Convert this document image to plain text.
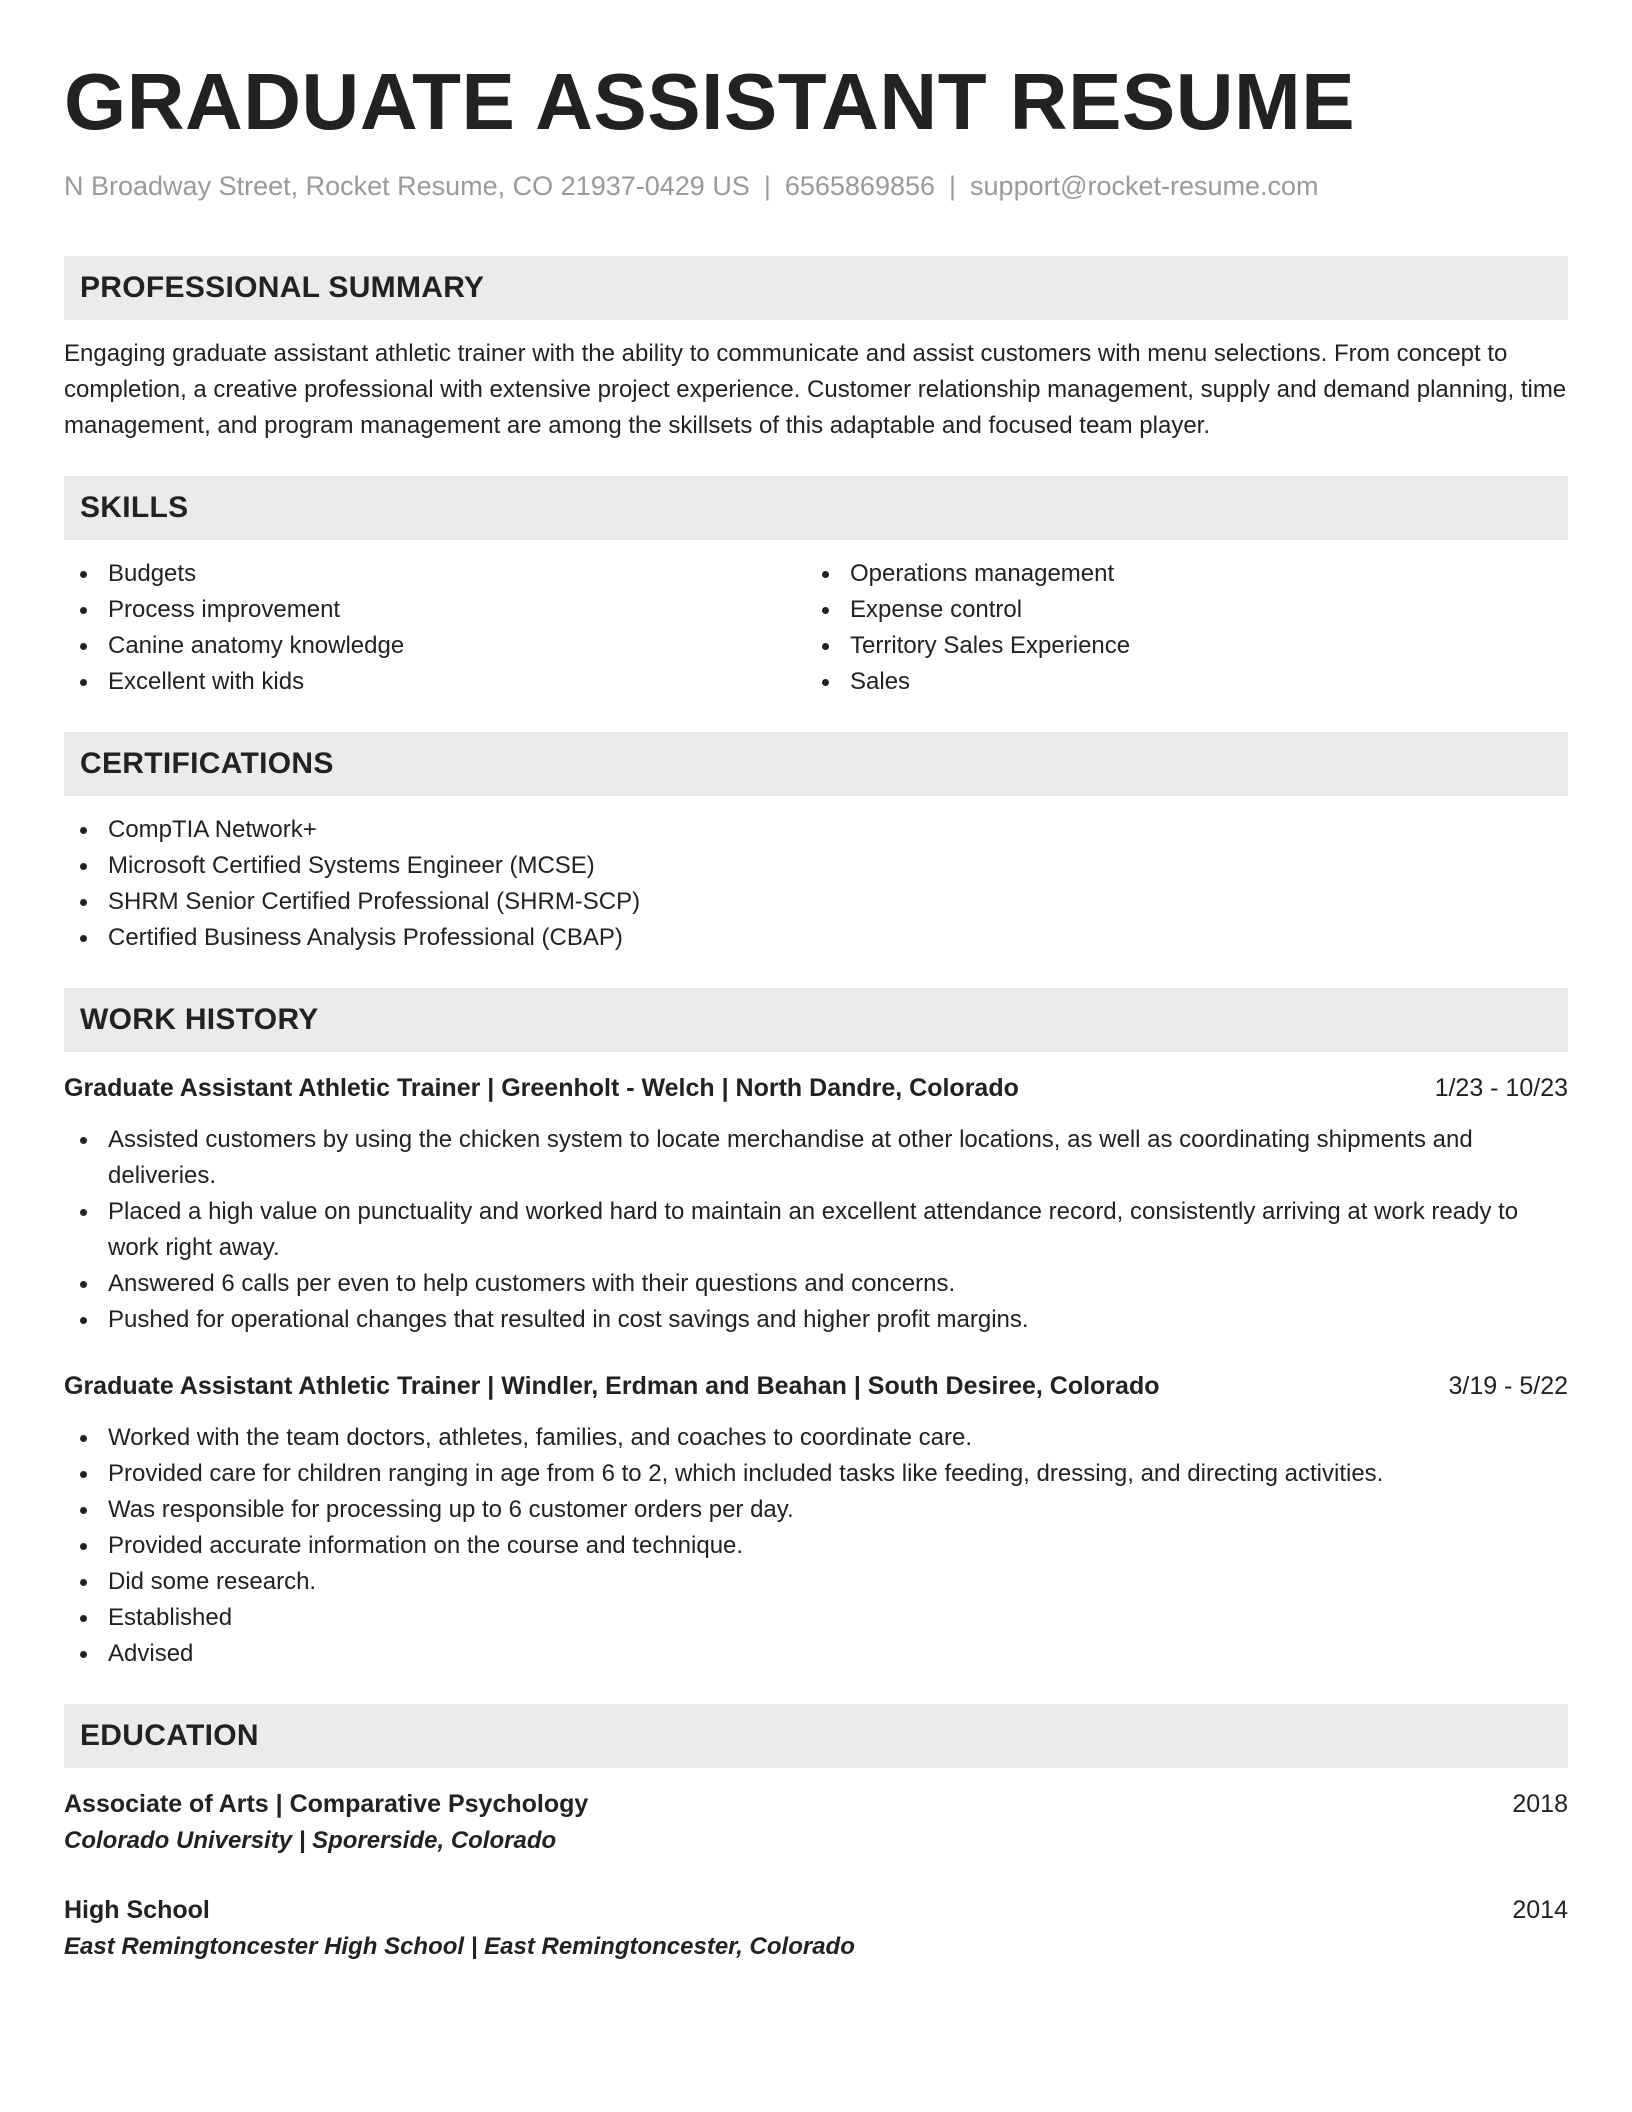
GRADUATE ASSISTANT RESUME
N Broadway Street, Rocket Resume, CO 21937-0429 US | 6565869856 | support@rocket-resume.com
PROFESSIONAL SUMMARY

Engaging graduate assistant athletic trainer with the ability to communicate and assist customers with menu selections. From concept to completion, a creative professional with extensive project experience. Customer relationship management, supply and demand planning, time management, and program management are among the skillsets of this adaptable and focused team player.

SKILLS
Budgets
Process improvement
Canine anatomy knowledge
Excellent with kids
Operations management
Expense control
Territory Sales Experience
Sales
CERTIFICATIONS
CompTIA Network+
Microsoft Certified Systems Engineer (MCSE)
SHRM Senior Certified Professional (SHRM-SCP)
Certified Business Analysis Professional (CBAP)
WORK HISTORY
Graduate Assistant Athletic Trainer | Greenholt - Welch | North Dandre, Colorado	1/23 - 10/23
Assisted customers by using the chicken system to locate merchandise at other locations, as well as coordinating shipments and deliveries.
Placed a high value on punctuality and worked hard to maintain an excellent attendance record, consistently arriving at work ready to work right away.
Answered 6 calls per even to help customers with their questions and concerns.
Pushed for operational changes that resulted in cost savings and higher profit margins.
Graduate Assistant Athletic Trainer | Windler, Erdman and Beahan | South Desiree, Colorado	3/19 - 5/22
Worked with the team doctors, athletes, families, and coaches to coordinate care.
Provided care for children ranging in age from 6 to 2, which included tasks like feeding, dressing, and directing activities.
Was responsible for processing up to 6 customer orders per day.
Provided accurate information on the course and technique.
Did some research.
Established
Advised
EDUCATION
Associate of Arts | Comparative Psychology	2018
Colorado University | Sporerside, Colorado
High School	2014
East Remingtoncester High School | East Remingtoncester, Colorado
